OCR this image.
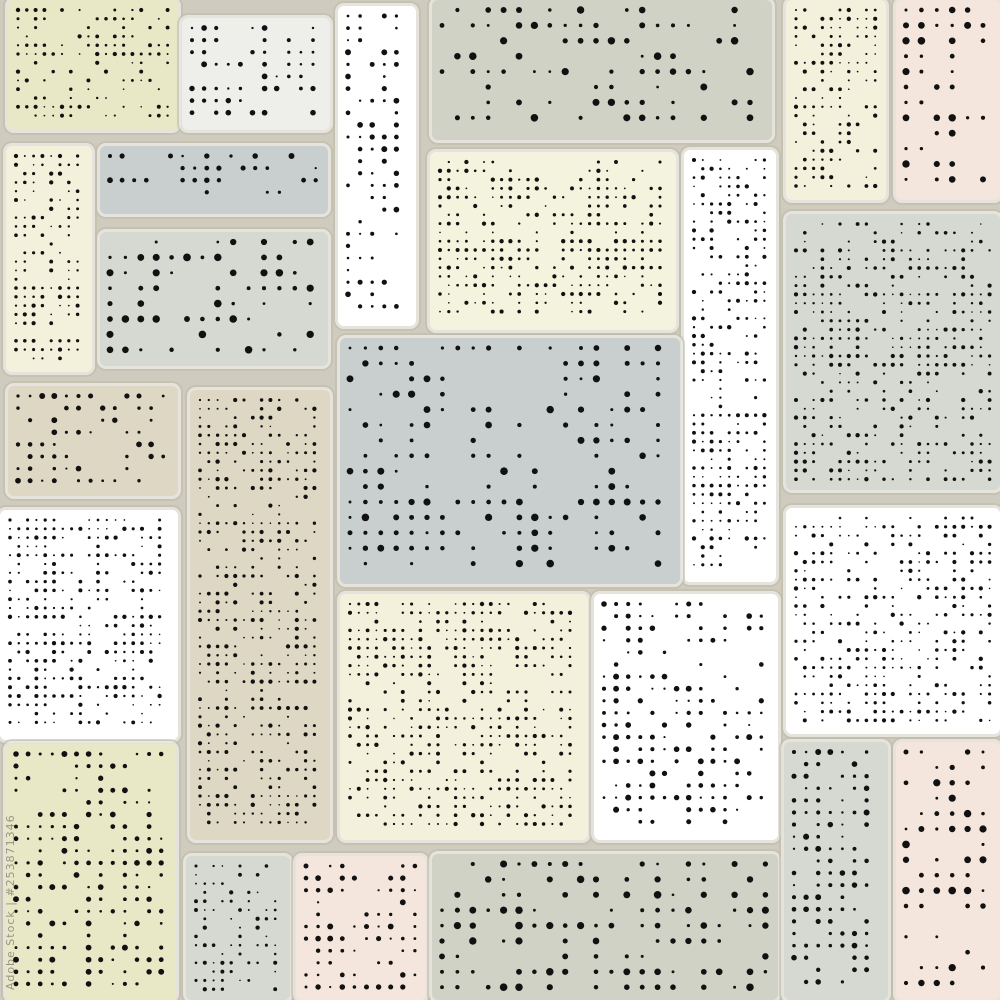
Adobe Stock | #253871346
